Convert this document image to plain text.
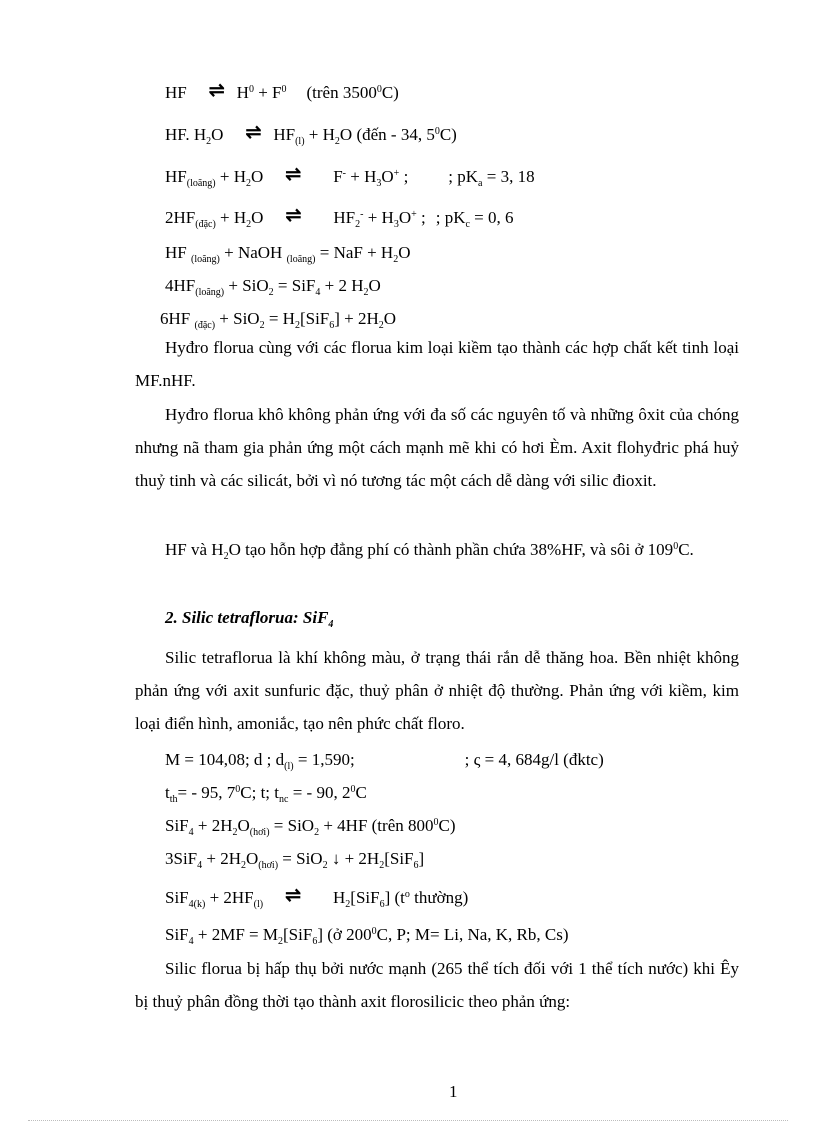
HF ⇌ $H^0 + F^0$ (trên 3500$^0$C)
HF. $H_2O$ ⇌ $HF_{(l)} + H_2O$ (đến - 34, $5^0C$)
$HF_{(loãng)} + H_2O$ ⇌ $F^- + H_3O^+$ ; ; $pK_a = 3$, 18
$2HF_{(đặc)} + H_2O$ ⇌ $HF_2^- + H_3O^+$ ; ; $pK_c = 0$, 6
HF $_{(loãng)}$ + NaOH $_{(loãng)}$ = NaF + $H_2O$
$4HF_{(loãng)} + SiO_2 = SiF_4 + 2$ $H_2O$
6HF $_{(đặc)} + SiO_2 = H_2[SiF_6] + 2H_2O$
Hyđro florua cùng với các florua kim loại kiềm tạo thành các hợp chất kết tinh loại MF.nHF.
Hyđro florua khô không phản ứng với đa số các nguyên tố và những ôxit của chóng nhưng nã tham gia phản ứng một cách mạnh mẽ khi có hơi Èm. Axit flohyđric phá huỷ thuỷ tinh và các silicát, bởi vì nó tương tác một cách dễ dàng với silic đioxit.
HF và $H_2O$ tạo hỗn hợp đẳng phí có thành phần chứa 38%HF, và sôi ở $109^0C$.
2. Silic tetraflorua: SiF$_4$
Silic tetraflorua là khí không màu, ở trạng thái rắn dễ thăng hoa. Bền nhiệt không phản ứng với axit sunfuric đặc, thuỷ phân ở nhiệt độ thường. Phản ứng với kiềm, kim loại điển hình, amoniắc, tạo nên phức chất floro.
M = 104,08; d ; $d_{(l)} = 1,590$;	; ς = 4, 684g/l (đktc)
$t_{th}= - 95$, $7^0C$; t; $t_{nc}$ = - 90, $2^0C$
$SiF_4 + 2H_2O_{(hơi)} = SiO_2 + 4HF$ (trên $800^0C$)
$3SiF_4 + 2H_2O_{(hơi)} = SiO_2$ ↓ + $2H_2[SiF_6]$
$SiF_{4(k)} + 2HF_{(l)}$ ⇌ $H_2[SiF_6]$ ($t^o$ thường)
$SiF_4 + 2MF = M_2[SiF_6]$ (ở $200^0C$, P; M= Li, Na, K, Rb, Cs)
Silic florua bị hấp thụ bởi nước mạnh (265 thể tích đối với 1 thể tích nước) khi Êy bị thuỷ phân đồng thời tạo thành axit florosilicic theo phản ứng:
1
